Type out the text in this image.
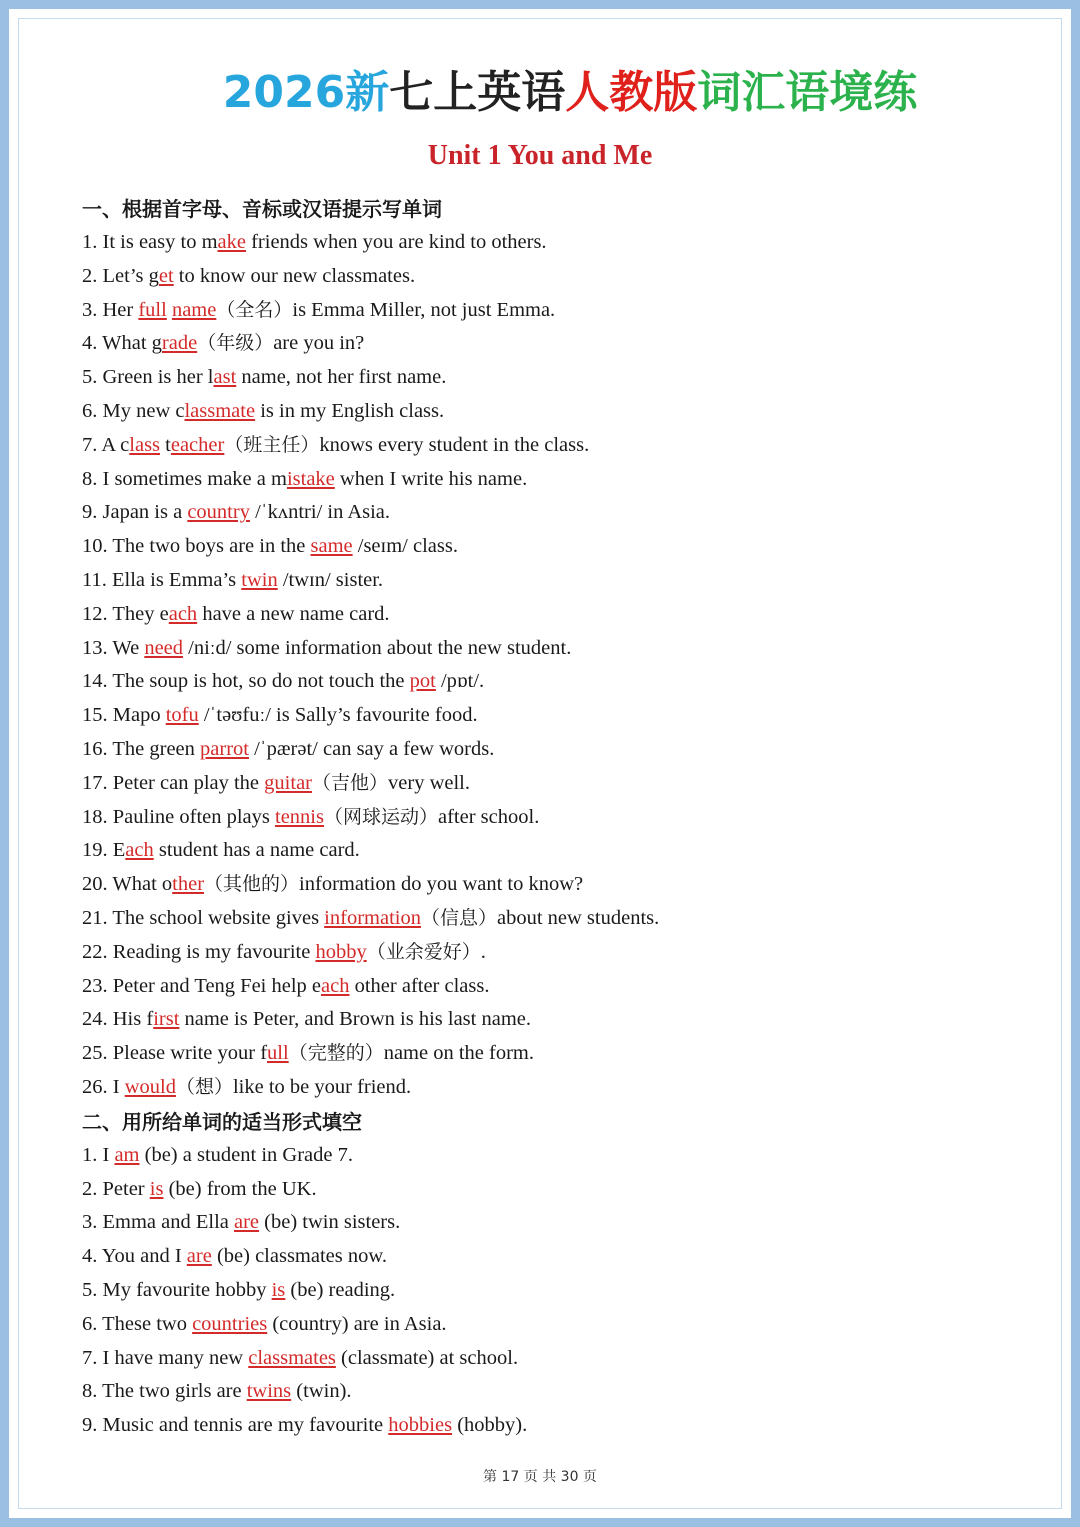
2026新七上英语人教版词汇语境练
Unit 1 You and Me
一、根据首字母、音标或汉语提示写单词
1. It is easy to make friends when you are kind to others.
2. Let’s get to know our new classmates.
3. Her full name（全名）is Emma Miller, not just Emma.
4. What grade（年级）are you in?
5. Green is her last name, not her first name.
6. My new classmate is in my English class.
7. A class teacher（班主任）knows every student in the class.
8. I sometimes make a mistake when I write his name.
9. Japan is a country /ˈkʌntri/ in Asia.
10. The two boys are in the same /seɪm/ class.
11. Ella is Emma’s twin /twɪn/ sister.
12. They each have a new name card.
13. We need /niːd/ some information about the new student.
14. The soup is hot, so do not touch the pot /pɒt/.
15. Mapo tofu /ˈtəʊfuː/ is Sally’s favourite food.
16. The green parrot /ˈpærət/ can say a few words.
17. Peter can play the guitar（吉他）very well.
18. Pauline often plays tennis（网球运动）after school.
19. Each student has a name card.
20. What other（其他的）information do you want to know?
21. The school website gives information（信息）about new students.
22. Reading is my favourite hobby（业余爱好）.
23. Peter and Teng Fei help each other after class.
24. His first name is Peter, and Brown is his last name.
25. Please write your full（完整的）name on the form.
26. I would（想）like to be your friend.
二、用所给单词的适当形式填空
1. I am (be) a student in Grade 7.
2. Peter is (be) from the UK.
3. Emma and Ella are (be) twin sisters.
4. You and I are (be) classmates now.
5. My favourite hobby is (be) reading.
6. These two countries (country) are in Asia.
7. I have many new classmates (classmate) at school.
8. The two girls are twins (twin).
9. Music and tennis are my favourite hobbies (hobby).
第 17 页 共 30 页
